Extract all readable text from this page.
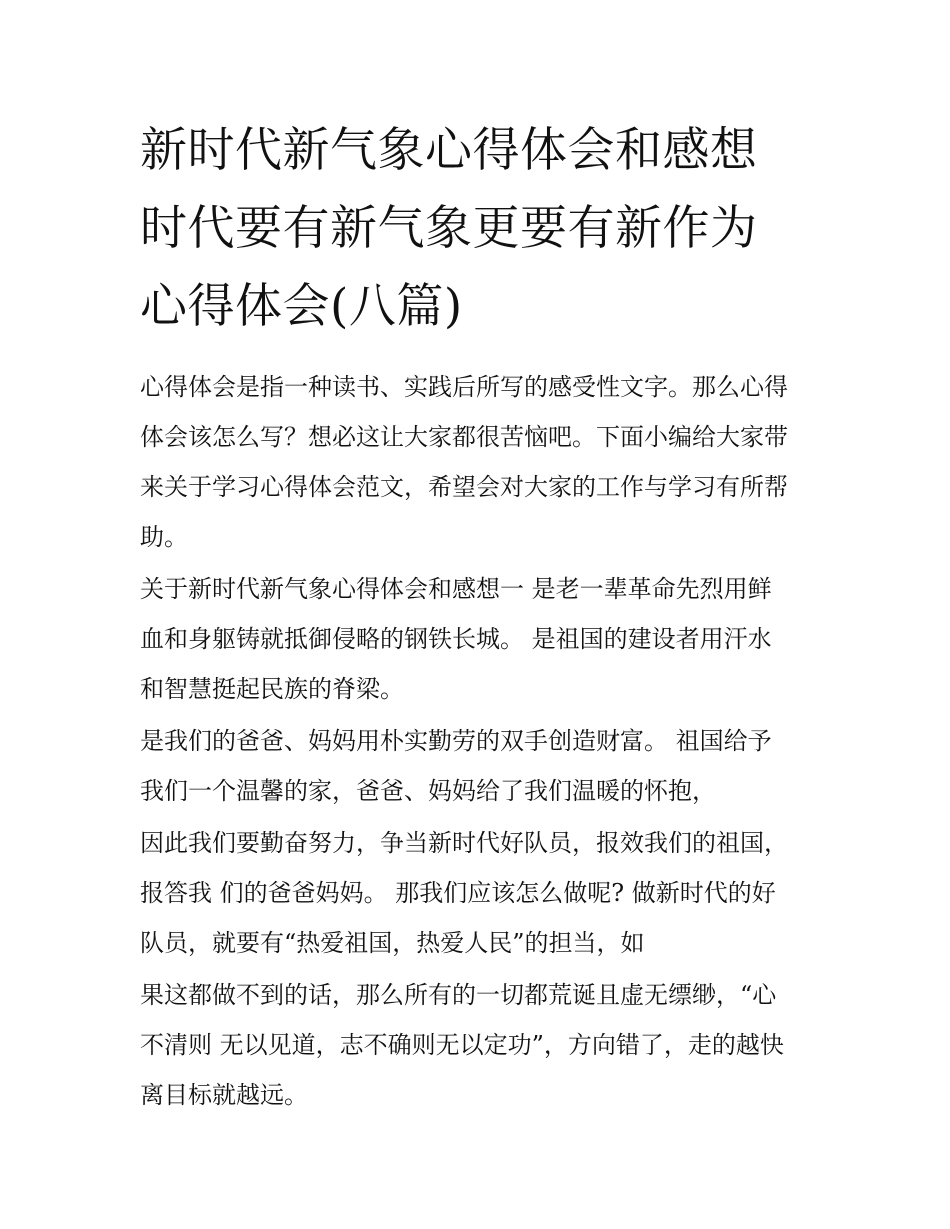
新时代新气象心得体会和感想
时代要有新气象更要有新作为
心得体会(八篇)

心得体会是指一种读书、实践后所写的感受性文字。那么心得
体会该怎么写？想必这让大家都很苦恼吧。下面小编给大家带
来关于学习心得体会范文，希望会对大家的工作与学习有所帮
助。

关于新时代新气象心得体会和感想一 是老一辈革命先烈用鲜
血和身躯铸就抵御侵略的钢铁长城。 是祖国的建设者用汗水
和智慧挺起民族的脊梁。

是我们的爸爸、妈妈用朴实勤劳的双手创造财富。 祖国给予
我们一个温馨的家，爸爸、妈妈给了我们温暖的怀抱，

因此我们要勤奋努力，争当新时代好队员，报效我们的祖国，
报答我 们的爸爸妈妈。 那我们应该怎么做呢? 做新时代的好
队员，就要有“热爱祖国，热爱人民”的担当，如

果这都做不到的话，那么所有的一切都荒诞且虚无缥缈，“心
不清则 无以见道，志不确则无以定功”，方向错了，走的越快
离目标就越远。
